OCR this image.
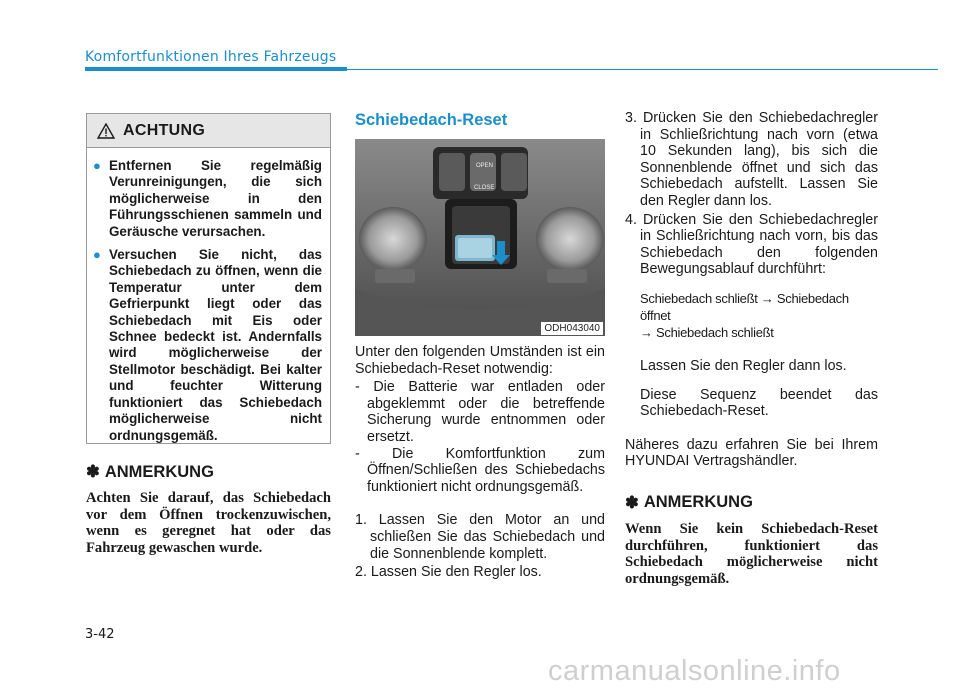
Komfortfunktionen Ihres Fahrzeugs
ACHTUNG
● Entfernen Sie regelmäßig Verunreinigungen, die sich möglicherweise in den Führungsschienen sammeln und Geräusche verursachen.
● Versuchen Sie nicht, das Schiebedach zu öffnen, wenn die Temperatur unter dem Gefrierpunkt liegt oder das Schiebedach mit Eis oder Schnee bedeckt ist. Andernfalls wird möglicherweise der Stellmotor beschädigt. Bei kalter und feuchter Witterung funktioniert das Schiebedach möglicherweise nicht ordnungsgemäß.
✽ ANMERKUNG
Achten Sie darauf, das Schiebedach vor dem Öffnen trockenzuwischen, wenn es geregnet hat oder das Fahrzeug gewaschen wurde.
Schiebedach-Reset
OPEN
CLOSE
ODH043040
Unter den folgenden Umständen ist ein Schiebedach-Reset notwendig:
- Die Batterie war entladen oder abgeklemmt oder die betreffende Sicherung wurde entnommen oder ersetzt.
- Die Komfortfunktion zum Öffnen/Schließen des Schiebedachs funktioniert nicht ordnungsgemäß.
1. Lassen Sie den Motor an und schließen Sie das Schiebedach und die Sonnenblende komplett.
2. Lassen Sie den Regler los.
3. Drücken Sie den Schiebedachregler in Schließrichtung nach vorn (etwa 10 Sekunden lang), bis sich die Sonnenblende öffnet und sich das Schiebedach aufstellt. Lassen Sie den Regler dann los.
4. Drücken Sie den Schiebedachregler in Schließrichtung nach vorn, bis das Schiebedach den folgenden Bewegungsablauf durchführt:
Schiebedach schließt → Schiebedach öffnet
→ Schiebedach schließt
Lassen Sie den Regler dann los.
Diese Sequenz beendet das Schiebedach-Reset.
Näheres dazu erfahren Sie bei Ihrem HYUNDAI Vertragshändler.
✽ ANMERKUNG
Wenn Sie kein Schiebedach-Reset durchführen, funktioniert das Schiebedach möglicherweise nicht ordnungsgemäß.
3-42
carmanualsonline.info
